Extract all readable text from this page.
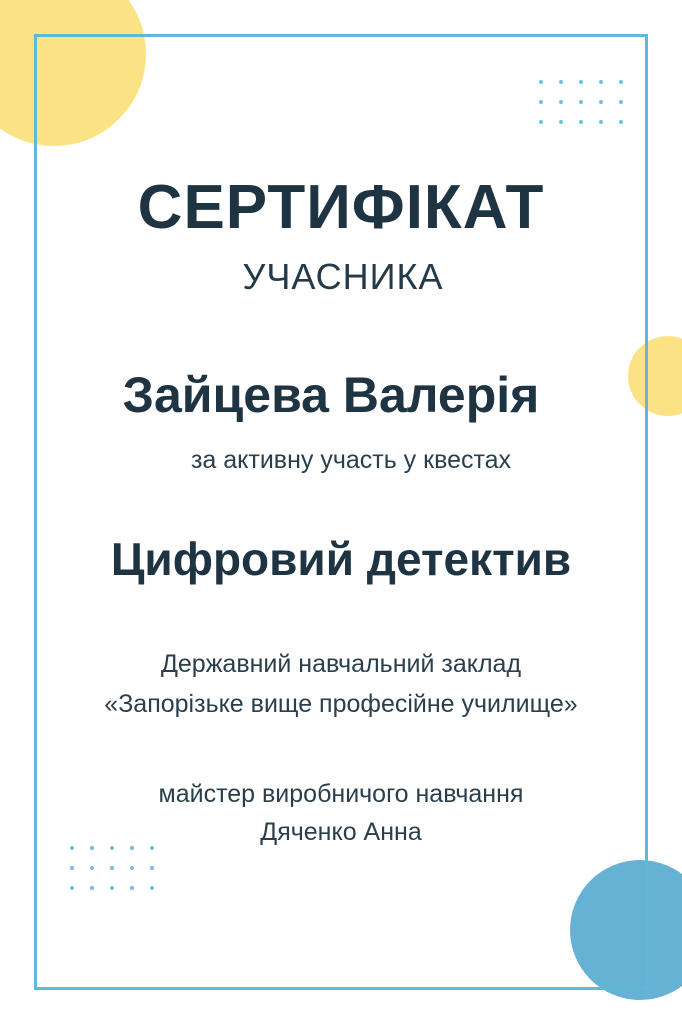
СЕРТИФІКАТ
УЧАСНИКА
Зайцева Валерія
за активну участь у квестах
Цифровий детектив
Державний навчальний заклад
«Запорізьке вище професійне училище»
майстер виробничого навчання
Дяченко Анна
